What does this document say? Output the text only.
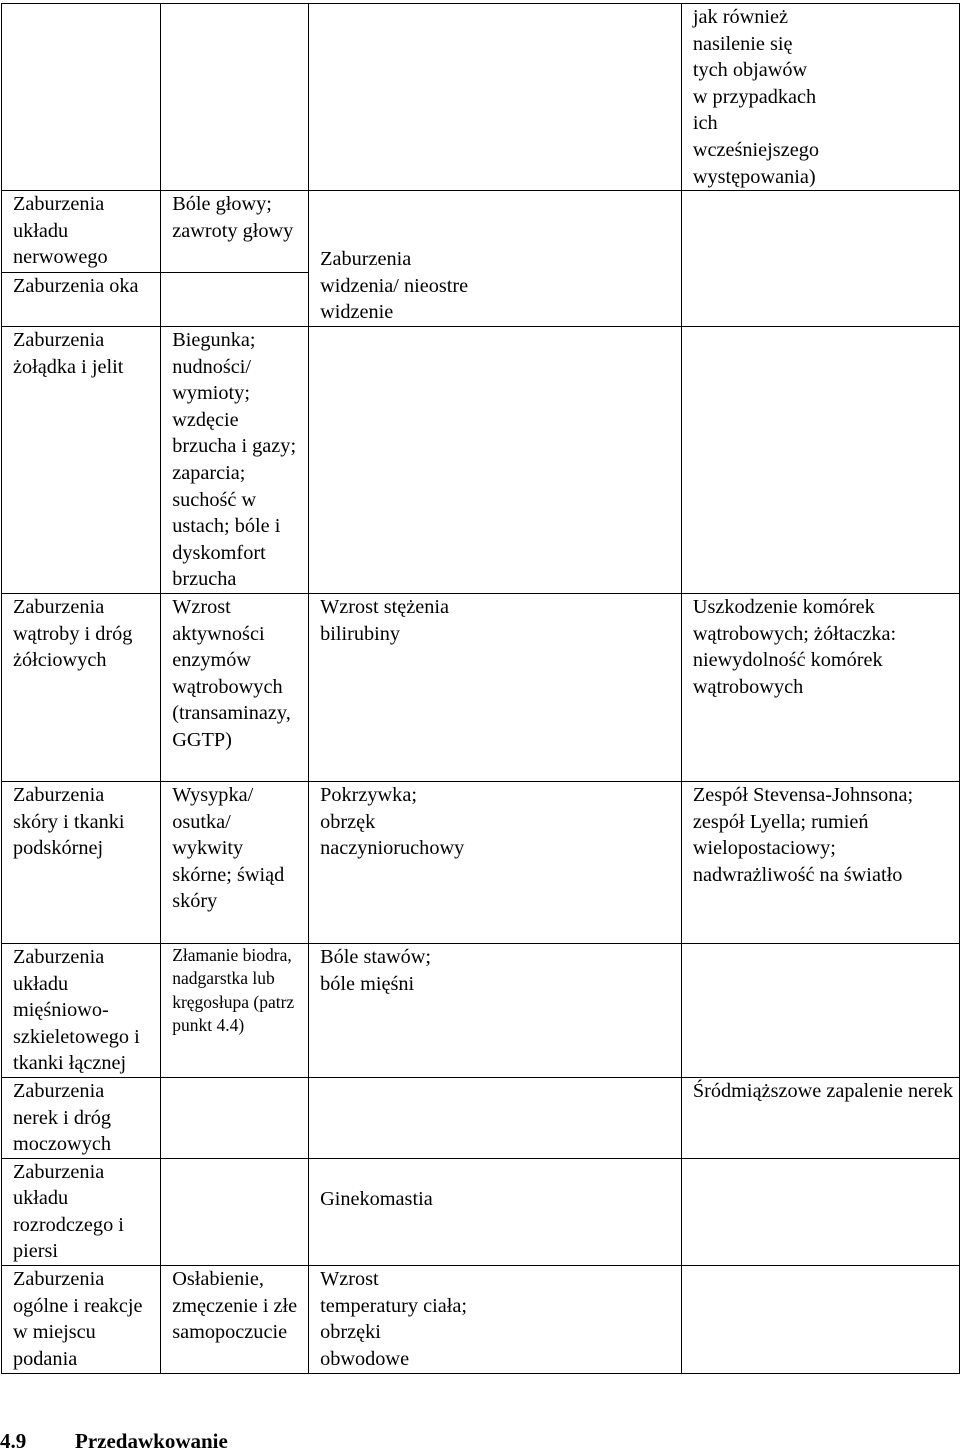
			jak również nasilenie się tych objawów w przypadkach ich wcześniejszego występowania)
Zaburzenia układu nerwowego	Bóle głowy; zawroty głowy	Zaburzenia widzenia/ nieostre widzenie	
Zaburzenia oka			
Zaburzenia żołądka i jelit	Biegunka; nudności/ wymioty; wzdęcie brzucha i gazy; zaparcia; suchość w ustach; bóle i dyskomfort brzucha		
Zaburzenia wątroby i dróg żółciowych	Wzrost aktywności enzymów wątrobowych (transaminazy, GGTP)	Wzrost stężenia bilirubiny	Uszkodzenie komórek wątrobowych; żółtaczka: niewydolność komórek wątrobowych
Zaburzenia skóry i tkanki podskórnej	Wysypka/ osutka/ wykwity skórne; świąd skóry	Pokrzywka; obrzęk naczynioruchowy	Zespół Stevensa-Johnsona; zespół Lyella; rumień wielopostaciowy; nadwrażliwość na światło
Zaburzenia układu mięśniowo-szkieletowego i tkanki łącznej	Złamanie biodra, nadgarstka lub kręgosłupa (patrz punkt 4.4)	Bóle stawów; bóle mięśni	
Zaburzenia nerek i dróg moczowych			Śródmiąższowe zapalenie nerek
Zaburzenia układu rozrodczego i piersi		Ginekomastia	
Zaburzenia ogólne i reakcje w miejscu podania	Osłabienie, zmęczenie i złe samopoczucie	Wzrost temperatury ciała; obrzęki obwodowe	
4.9 Przedawkowanie
